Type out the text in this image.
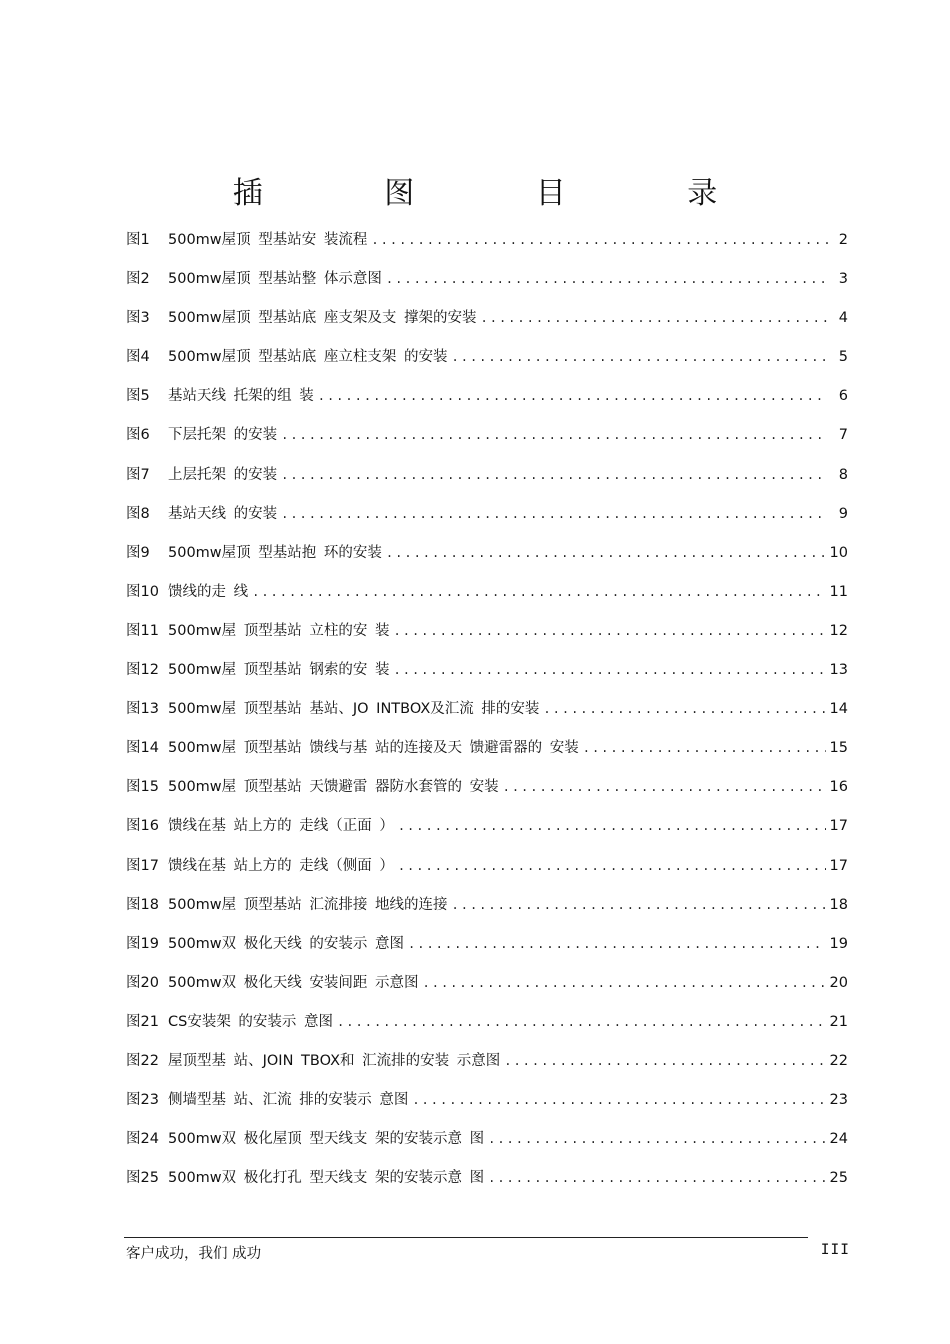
插 图 目 录
图1	500mw屋顶 型基站安 装流程 .....	2
图2	500mw屋顶 型基站整 体示意图 .....	3
图3	500mw屋顶 型基站底 座支架及支 撑架的安装 .....	4
图4	500mw屋顶 型基站底 座立柱支架 的安装 .....	5
图5	基站天线 托架的组 装 .....	6
图6	下层托架 的安装 .....	7
图7	上层托架 的安装 .....	8
图8	基站天线 的安装 .....	9
图9	500mw屋顶 型基站抱 环的安装 .....	10
图10 馈线的走 线 .....	11
图11 500mw屋 顶型基站 立柱的安 装 .....	12
图12 500mw屋 顶型基站 钢索的安 装 .....	13
图13 500mw屋 顶型基站 基站、JO INTBOX及汇流 排的安装 .....	14
图14 500mw屋 顶型基站 馈线与基 站的连接及天 馈避雷器的 安装 .....	15
图15 500mw屋 顶型基站 天馈避雷 器防水套管的 安装 .....	16
图16 馈线在基 站上方的 走线（正面 ） .....	17
图17 馈线在基 站上方的 走线（侧面 ） .....	17
图18 500mw屋 顶型基站 汇流排接 地线的连接 .....	18
图19 500mw双 极化天线 的安装示 意图 .....	19
图20 500mw双 极化天线 安装间距 示意图 .....	20
图21 CS安装架 的安装示 意图 .....	21
图22 屋顶型基 站、JOIN TBOX和 汇流排的安装 示意图 .....	22
图23 侧墙型基 站、汇流 排的安装示 意图 .....	23
图24 500mw双 极化屋顶 型天线支 架的安装示意 图 .....	24
图25 500mw双 极化打孔 型天线支 架的安装示意 图 .....	25
客户成功，我们 成功	III
